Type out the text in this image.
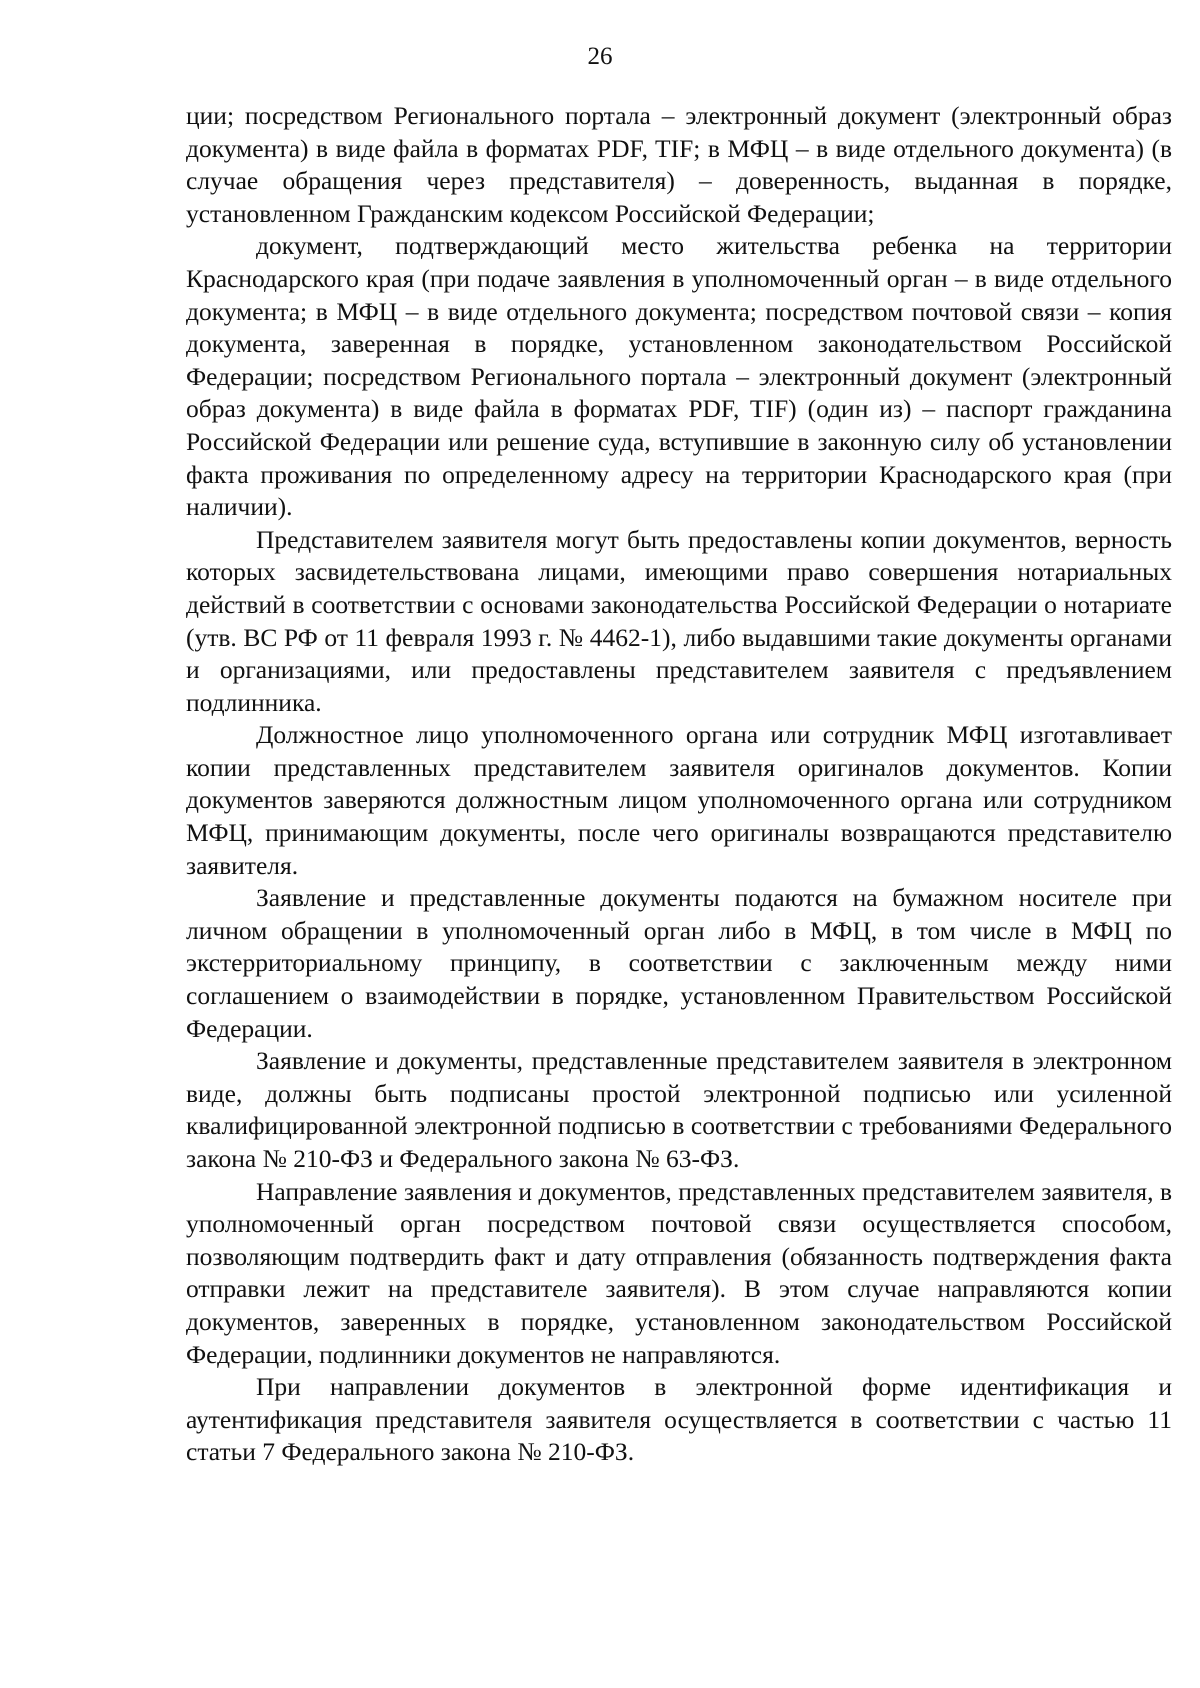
26

ции; посредством Регионального портала – электронный документ (электронный образ документа) в виде файла в форматах PDF, TIF; в МФЦ – в виде отдельного документа) (в случае обращения через представителя) – доверенность, выданная в порядке, установленном Гражданским кодексом Российской Федерации;

документ, подтверждающий место жительства ребенка на территории Краснодарского края (при подаче заявления в уполномоченный орган – в виде отдельного документа; в МФЦ – в виде отдельного документа; посредством почтовой связи – копия документа, заверенная в порядке, установленном законодательством Российской Федерации; посредством Регионального портала – электронный документ (электронный образ документа) в виде файла в форматах PDF, TIF) (один из) – паспорт гражданина Российской Федерации или решение суда, вступившие в законную силу об установлении факта проживания по определенному адресу на территории Краснодарского края (при наличии).

Представителем заявителя могут быть предоставлены копии документов, верность которых засвидетельствована лицами, имеющими право совершения нотариальных действий в соответствии с основами законодательства Российской Федерации о нотариате (утв. ВС РФ от 11 февраля 1993 г. № 4462-1), либо выдавшими такие документы органами и организациями, или предоставлены представителем заявителя с предъявлением подлинника.

Должностное лицо уполномоченного органа или сотрудник МФЦ изготавливает копии представленных представителем заявителя оригиналов документов. Копии документов заверяются должностным лицом уполномоченного органа или сотрудником МФЦ, принимающим документы, после чего оригиналы возвращаются представителю заявителя.

Заявление и представленные документы подаются на бумажном носителе при личном обращении в уполномоченный орган либо в МФЦ, в том числе в МФЦ по экстерриториальному принципу, в соответствии с заключенным между ними соглашением о взаимодействии в порядке, установленном Правительством Российской Федерации.

Заявление и документы, представленные представителем заявителя в электронном виде, должны быть подписаны простой электронной подписью или усиленной квалифицированной электронной подписью в соответствии с требованиями Федерального закона № 210-ФЗ и Федерального закона № 63-ФЗ.

Направление заявления и документов, представленных представителем заявителя, в уполномоченный орган посредством почтовой связи осуществляется способом, позволяющим подтвердить факт и дату отправления (обязанность подтверждения факта отправки лежит на представителе заявителя). В этом случае направляются копии документов, заверенных в порядке, установленном законодательством Российской Федерации, подлинники документов не направляются.

При направлении документов в электронной форме идентификация и аутентификация представителя заявителя осуществляется в соответствии с частью 11 статьи 7 Федерального закона № 210-ФЗ.
